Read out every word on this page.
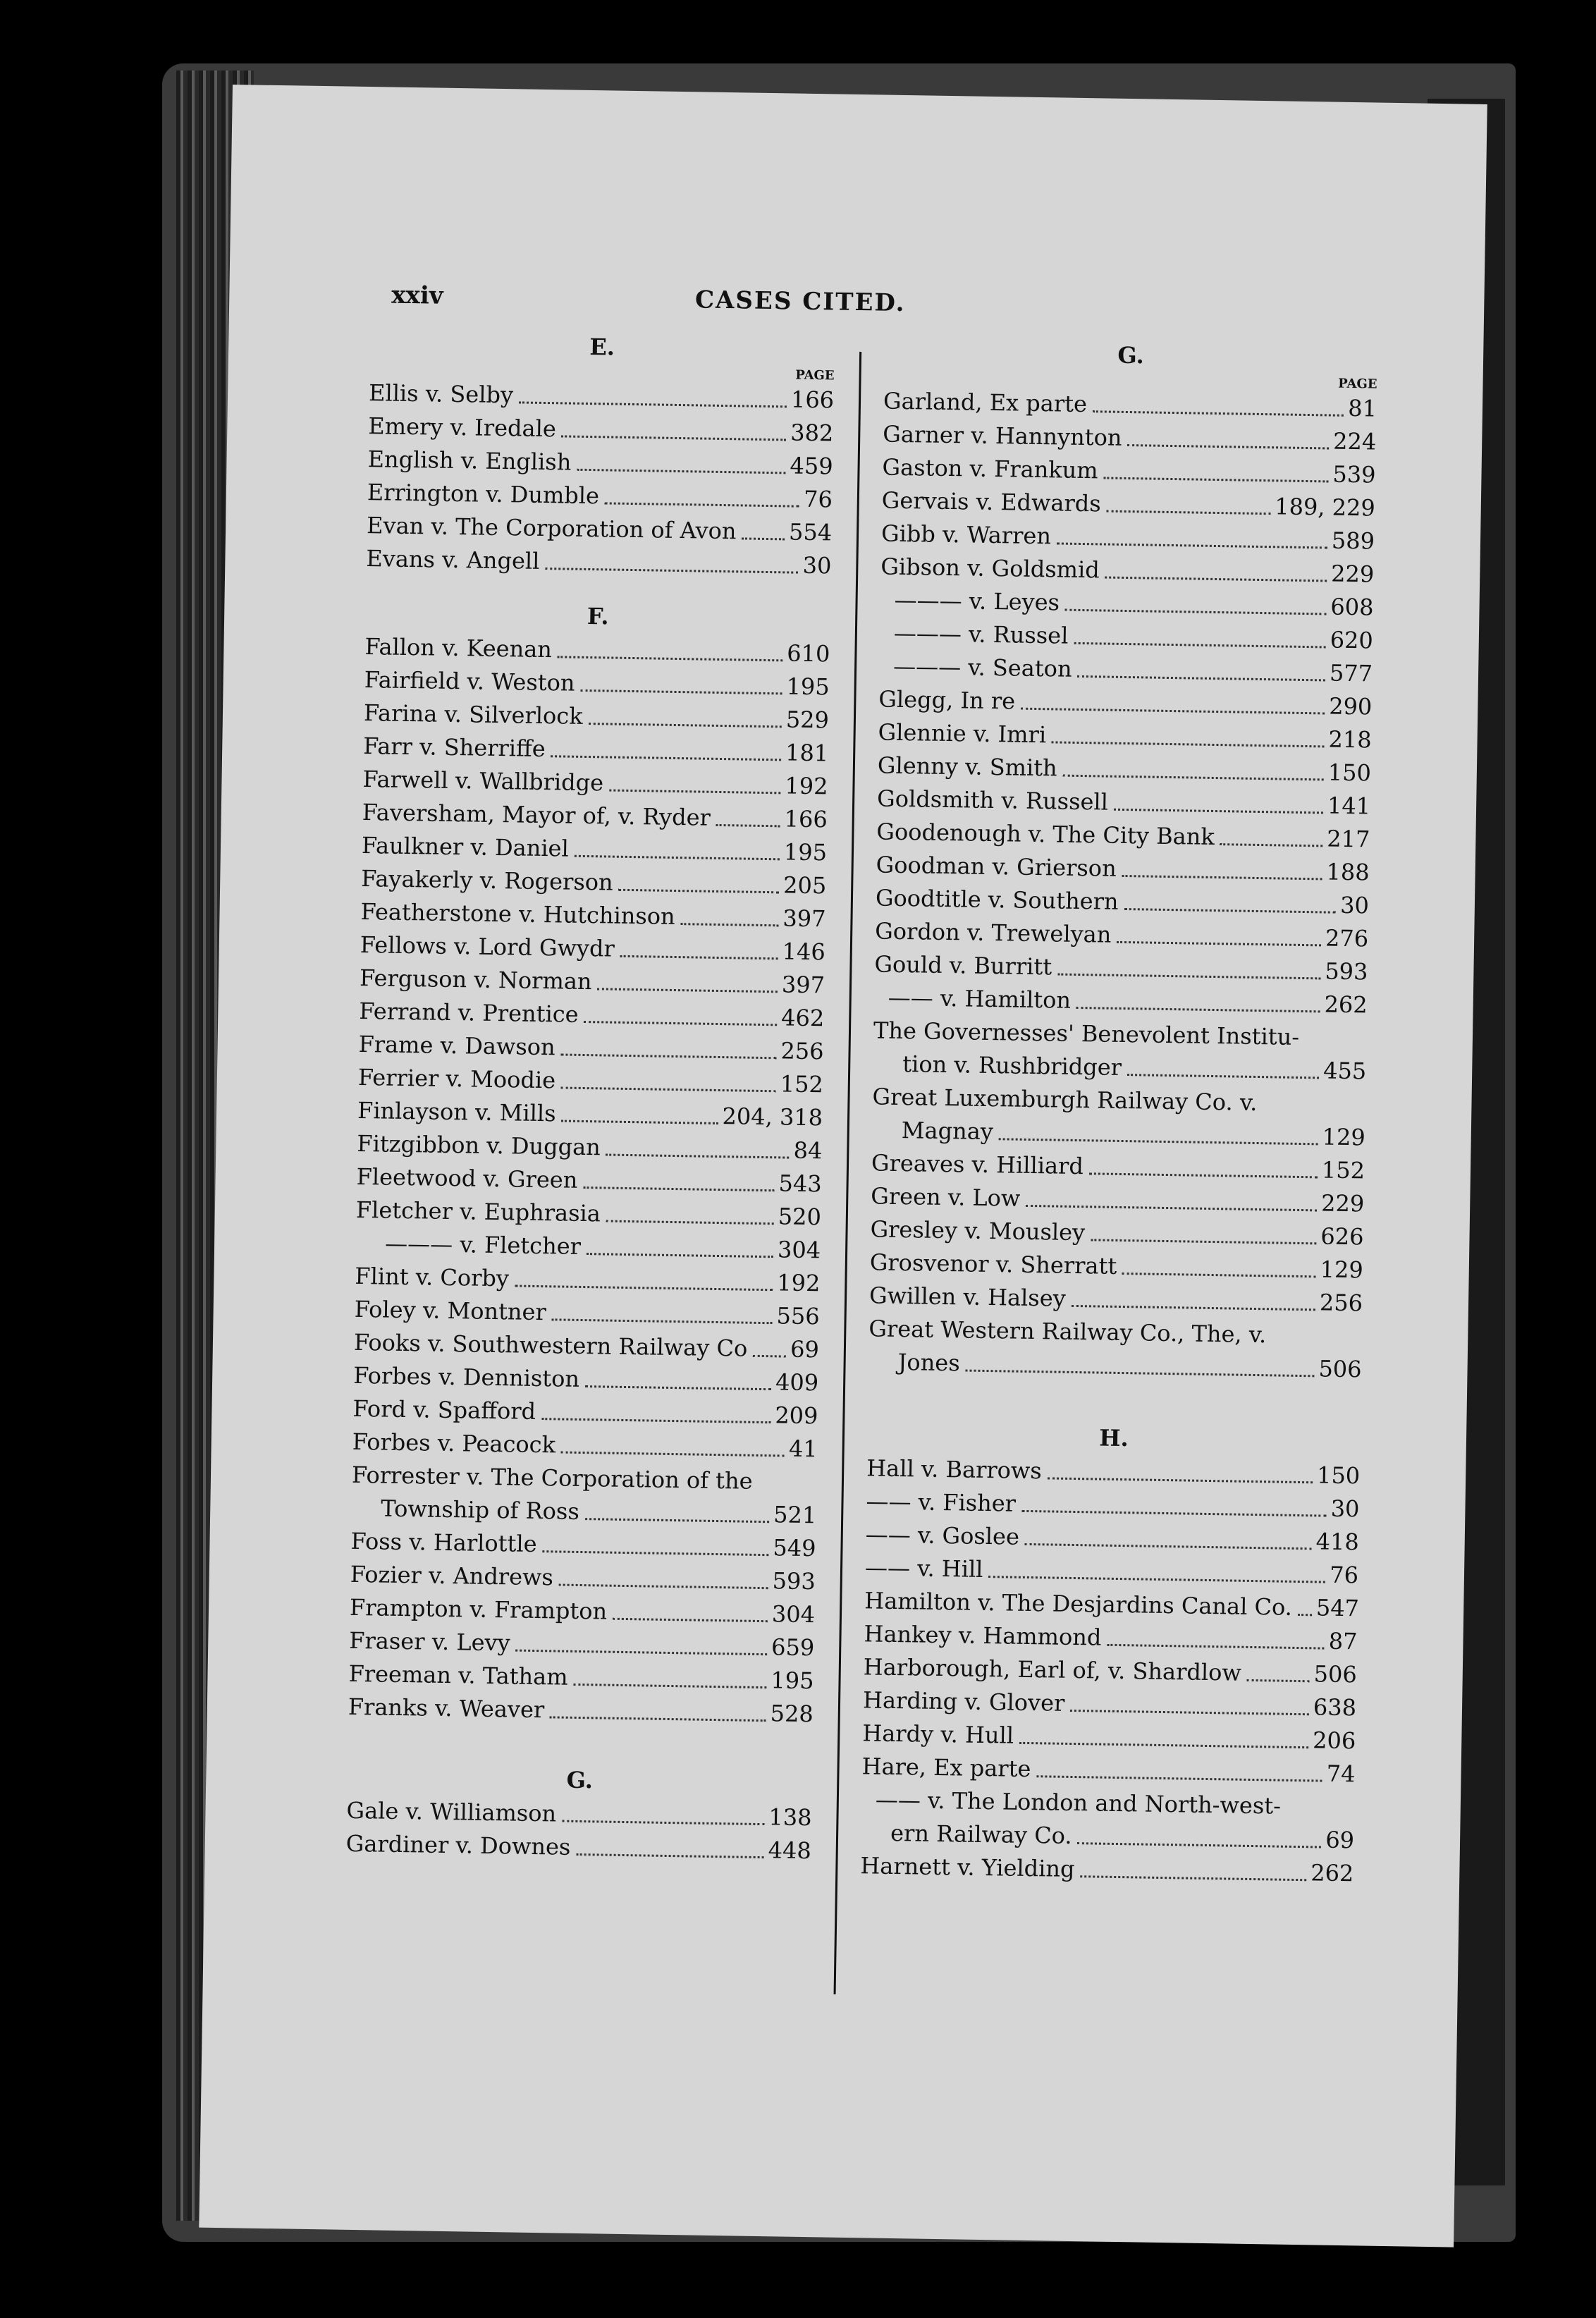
xxiv	CASES CITED.
E.
PAGE
Ellis v. Selby	166
Emery v. Iredale	382
English v. English	459
Errington v. Dumble	76
Evan v. The Corporation of Avon 554
Evans v. Angell	30
F.
Fallon v. Keenan	610
Fairfield v. Weston	195
Farina v. Silverlock	529
Farr v. Sherriffe	181
Farwell v. Wallbridge	192
Faversham, Mayor of, v. Ryder	166
Faulkner v. Daniel	195
Fayakerly v. Rogerson	205
Featherstone v. Hutchinson	397
Fellows v. Lord Gwydr	146
Ferguson v. Norman	397
Ferrand v. Prentice	462
Frame v. Dawson	256
Ferrier v. Moodie	152
Finlayson v. Mills	204, 318
Fitzgibbon v. Duggan	84
Fleetwood v. Green	543
Fletcher v. Euphrasia	520
——— v. Fletcher	304
Flint v. Corby	192
Foley v. Montner	556
Fooks v. Southwestern Railway Co 69
Forbes v. Denniston	409
Ford v. Spafford	209
Forbes v. Peacock	41
Forrester v. The Corporation of the
Township of Ross	521
Foss v. Harlottle	549
Fozier v. Andrews	593
Frampton v. Frampton	304
Fraser v. Levy	659
Freeman v. Tatham	195
Franks v. Weaver	528
G.
Gale v. Williamson	138
Gardiner v. Downes	448
G.
PAGE
Garland, Ex parte	81
Garner v. Hannynton	224
Gaston v. Frankum	539
Gervais v. Edwards	189, 229
Gibb v. Warren	589
Gibson v. Goldsmid	229
——— v. Leyes	608
——— v. Russel	620
——— v. Seaton	577
Glegg, In re	290
Glennie v. Imri	218
Glenny v. Smith	150
Goldsmith v. Russell	141
Goodenough v. The City Bank	217
Goodman v. Grierson	188
Goodtitle v. Southern	30
Gordon v. Trewelyan	276
Gould v. Burritt	593
—— v. Hamilton	262
The Governesses' Benevolent Institu-
tion v. Rushbridger	455
Great Luxemburgh Railway Co. v.
Magnay	129
Greaves v. Hilliard	152
Green v. Low	229
Gresley v. Mousley	626
Grosvenor v. Sherratt	129
Gwillen v. Halsey	256
Great Western Railway Co., The, v.
Jones	506
H.
Hall v. Barrows	150
—— v. Fisher	30
—— v. Goslee	418
—— v. Hill	76
Hamilton v. The Desjardins Canal Co. 547
Hankey v. Hammond	87
Harborough, Earl of, v. Shardlow	506
Harding v. Glover	638
Hardy v. Hull	206
Hare, Ex parte	74
—— v. The London and North-west-
ern Railway Co.	69
Harnett v. Yielding	262
